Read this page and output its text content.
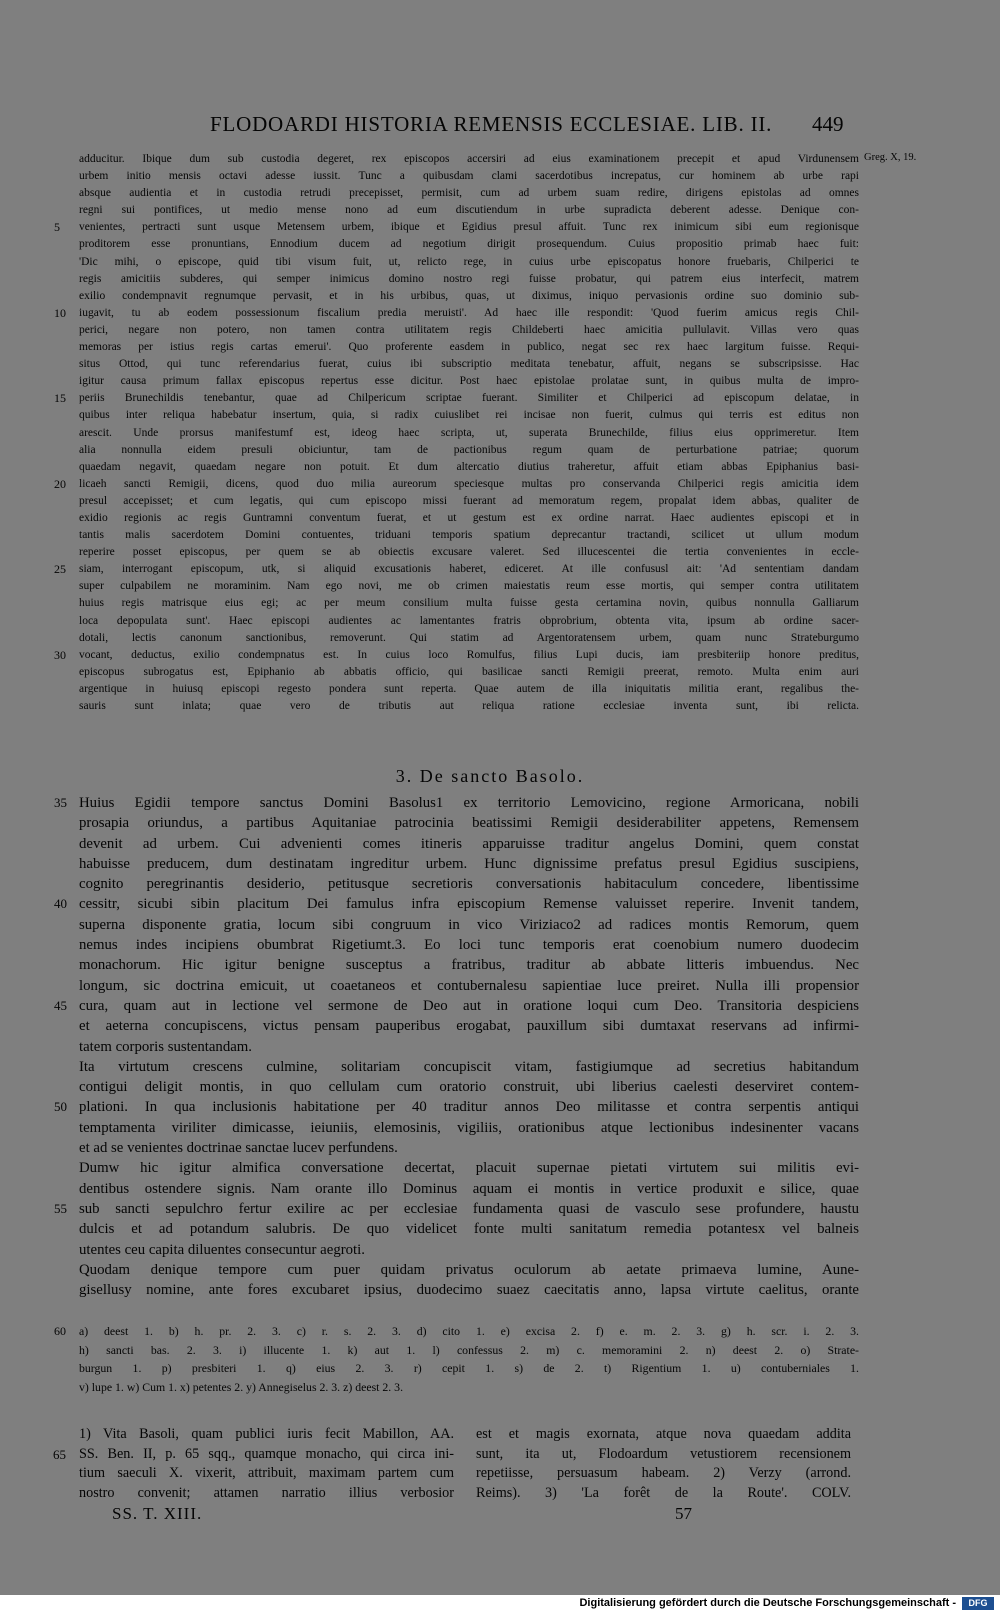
FLODOARDI HISTORIA REMENSIS ECCLESIAE. LIB. II. 449
Greg. X, 19.
adducitur. Ibique dum sub custodia degeret, rex episcopos accersiri ad eius examinationem precepit et apud Virdunensem
urbem initio mensis octavi adesse iussit. Tunc a quibusdam clami sacerdotibus increpatus, cur hominem ab urbe rapi
absque audientia et in custodia retrudi precepisset, permisit, cum ad urbem suam redire, dirigens epistolas ad omnes
regni sui pontifices, ut medio mense nono ad eum discutiendum in urbe supradicta deberent adesse. Denique con-
5	venientes, pertracti sunt usque Metensem urbem, ibique et Egidius presul affuit. Tunc rex inimicum sibi eum regionisque
proditorem esse pronuntians, Ennodium ducem ad negotium dirigit prosequendum. Cuius propositio primab haec fuit:
'Dic mihi, o episcope, quid tibi visum fuit, ut, relicto rege, in cuius urbe episcopatus honore fruebaris, Chilperici te
regis amicitiis subderes, qui semper inimicus domino nostro regi fuisse probatur, qui patrem eius interfecit, matrem
exilio condempnavit regnumque pervasit, et in his urbibus, quas, ut diximus, iniquo pervasionis ordine suo dominio sub-
10	iugavit, tu ab eodem possessionum fiscalium predia meruisti'. Ad haec ille respondit: 'Quod fuerim amicus regis Chil-
perici, negare non potero, non tamen contra utilitatem regis Childeberti haec amicitia pullulavit. Villas vero quas
memoras per istius regis cartas emerui'. Quo proferente easdem in publico, negat sec rex haec largitum fuisse. Requi-
situs Ottod, qui tunc referendarius fuerat, cuius ibi subscriptio meditata tenebatur, affuit, negans se subscripsisse. Hac
igitur causa primum fallax episcopus repertus esse dicitur. Post haec epistolae prolatae sunt, in quibus multa de impro-
15	periis Brunechildis tenebantur, quae ad Chilpericum scriptae fuerant. Similiter et Chilperici ad episcopum delatae, in
quibus inter reliqua habebatur insertum, quia, si radix cuiuslibet rei incisae non fuerit, culmus qui terris est editus non
arescit. Unde prorsus manifestumf est, ideog haec scripta, ut, superata Brunechilde, filius eius opprimeretur. Item
alia nonnulla eidem presuli obiciuntur, tam de pactionibus regum quam de perturbatione patriae; quorum
quaedam negavit, quaedam negare non potuit. Et dum altercatio diutius traheretur, affuit etiam abbas Epiphanius basi-
20	licaeh sancti Remigii, dicens, quod duo milia aureorum speciesque multas pro conservanda Chilperici regis amicitia idem
presul accepisset; et cum legatis, qui cum episcopo missi fuerant ad memoratum regem, propalat idem abbas, qualiter de
exidio regionis ac regis Guntramni conventum fuerat, et ut gestum est ex ordine narrat. Haec audientes episcopi et in
tantis malis sacerdotem Domini contuentes, triduani temporis spatium deprecantur tractandi, scilicet ut ullum modum
reperire posset episcopus, per quem se ab obiectis excusare valeret. Sed illucescentei die tertia convenientes in eccle-
25	siam, interrogant episcopum, utk, si aliquid excusationis haberet, ediceret. At ille confususl ait: 'Ad sententiam dandam
super culpabilem ne moraminim. Nam ego novi, me ob crimen maiestatis reum esse mortis, qui semper contra utilitatem
huius regis matrisque eius egi; ac per meum consilium multa fuisse gesta certamina novin, quibus nonnulla Galliarum
loca depopulata sunt'. Haec episcopi audientes ac lamentantes fratris obprobrium, obtenta vita, ipsum ab ordine sacer-
dotali, lectis canonum sanctionibus, removerunt. Qui statim ad Argentoratensem urbem, quam nunc Strateburgumo
30	vocant, deductus, exilio condempnatus est. In cuius loco Romulfus, filius Lupi ducis, iam presbiteriip honore preditus,
episcopus subrogatus est, Epiphanio ab abbatis officio, qui basilicae sancti Remigii preerat, remoto. Multa enim auri
argentique in huiusq episcopi regesto pondera sunt reperta. Quae autem de illa iniquitatis militia erant, regalibus the-
sauris sunt inlata; quae vero de tributis aut reliqua ratione ecclesiae inventa sunt, ibi relicta.
3. De sancto Basolo.
35 Huius Egidii tempore sanctus Domini Basolus1 ex territorio Lemovicino, regione Armoricana, nobili
prosapia oriundus, a partibus Aquitaniae patrocinia beatissimi Remigii desiderabiliter appetens, Remensem
devenit ad urbem. Cui advenienti comes itineris apparuisse traditur angelus Domini, quem constat
habuisse preducem, dum destinatam ingreditur urbem. Hunc dignissime prefatus presul Egidius suscipiens,
cognito peregrinantis desiderio, petitusque secretioris conversationis habitaculum concedere, libentissime
40 cessitr, sicubi sibin placitum Dei famulus infra episcopium Remense valuisset reperire. Invenit tandem,
superna disponente gratia, locum sibi congruum in vico Viriziaco2 ad radices montis Remorum, quem
nemus indes incipiens obumbrat Rigetiumt.3. Eo loci tunc temporis erat coenobium numero duodecim
monachorum. Hic igitur benigne susceptus a fratribus, traditur ab abbate litteris imbuendus. Nec
longum, sic doctrina emicuit, ut coaetaneos et contubernalesu sapientiae luce preiret. Nulla illi propensior
45 cura, quam aut in lectione vel sermone de Deo aut in oratione loqui cum Deo. Transitoria despiciens
et aeterna concupiscens, victus pensam pauperibus erogabat, pauxillum sibi dumtaxat reservans ad infirmi-
tatem corporis sustentandam.
Ita virtutum crescens culmine, solitariam concupiscit vitam, fastigiumque ad secretius habitandum
contigui deligit montis, in quo cellulam cum oratorio construit, ubi liberius caelesti deserviret contem-
50 plationi. In qua inclusionis habitatione per 40 traditur annos Deo militasse et contra serpentis antiqui
temptamenta viriliter dimicasse, ieiuniis, elemosinis, vigiliis, orationibus atque lectionibus indesinenter vacans
et ad se venientes doctrinae sanctae lucev perfundens.
Dumw hic igitur almifica conversatione decertat, placuit supernae pietati virtutem sui militis evi-
dentibus ostendere signis. Nam orante illo Dominus aquam ei montis in vertice produxit e silice, quae
55 sub sancti sepulchro fertur exilire ac per ecclesiae fundamenta quasi de vasculo sese profundere, haustu
dulcis et ad potandum salubris. De quo videlicet fonte multi sanitatum remedia potantesx vel balneis
utentes ceu capita diluentes consecuntur aegroti.
Quodam denique tempore cum puer quidam privatus oculorum ab aetate primaeva lumine, Aune-
gisellusy nomine, ante fores excubaret ipsius, duodecimo suaez caecitatis anno, lapsa virtute caelitus, orante
60	a) deest 1. b) h. pr. 2. 3. c) r. s. 2. 3. d) cito 1. e) excisa 2. f) e. m. 2. 3. g) h. scr. i. 2. 3.
h) sancti bas. 2. 3. i) illucente 1. k) aut 1. l) confessus 2. m) c. memoramini 2. n) deest 2. o) Strate-
burgun 1. p) presbiteri 1. q) eius 2. 3. r) cepit 1. s) de 2. t) Rigentium 1. u) contuberniales 1.
v) lupe 1. w) Cum 1. x) petentes 2. y) Annegiselus 2. 3. z) deest 2. 3.
1) Vita Basoli, quam publici iuris fecit Mabillon, AA.
65 SS. Ben. II, p. 65 sqq., quamque monacho, qui circa ini-
tium saeculi X. vixerit, attribuit, maximam partem cum
nostro convenit; attamen narratio illius verbosior
est et magis exornata, atque nova quaedam addita
sunt, ita ut, Flodoardum vetustiorem recensionem
repetiisse, persuasum habeam. 2) Verzy (arrond.
Reims). 3) 'La forêt de la Route'. COLV.
SS. T. XIII.	57
Digitalisierung gefördert durch die Deutsche Forschungsgemeinschaft -	DFG
